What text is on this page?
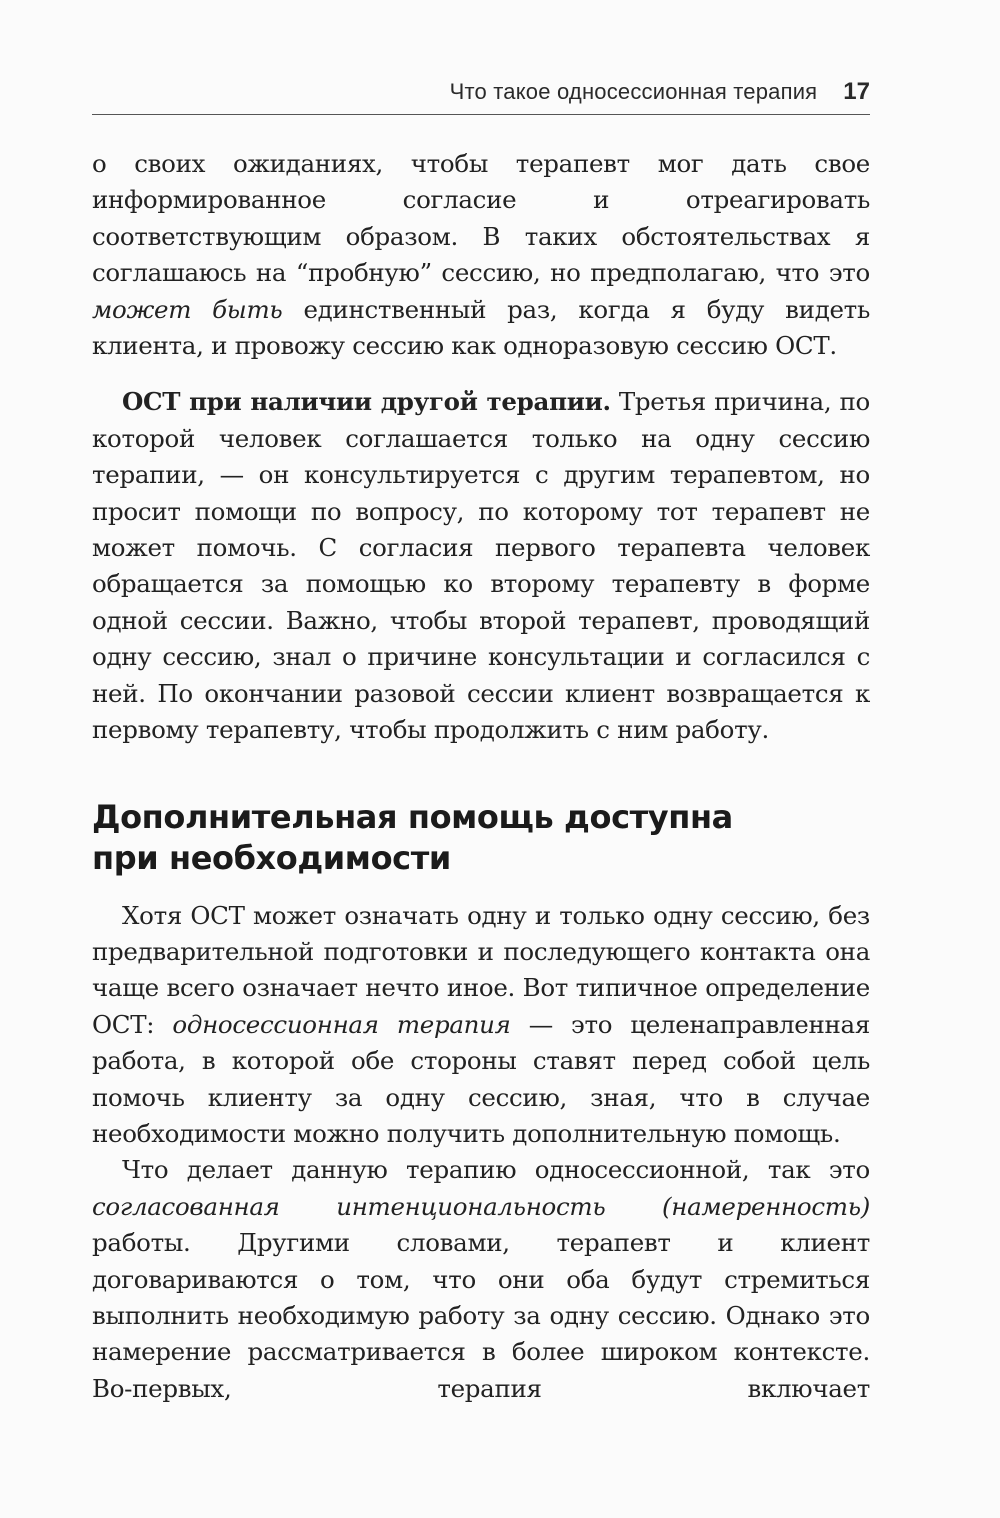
Что такое односессионная терапия 17

о своих ожиданиях, чтобы терапевт мог дать свое информированное согласие и отреагировать соответствующим образом. В таких обстоятельствах я соглашаюсь на “пробную” сессию, но предполагаю, что это может быть единственный раз, когда я буду видеть клиента, и провожу сессию как одноразовую сессию ОСТ.

ОСТ при наличии другой терапии. Третья причина, по которой человек соглашается только на одну сессию терапии, — он консультируется с другим терапевтом, но просит помощи по вопросу, по которому тот терапевт не может помочь. С согласия первого терапевта человек обращается за помощью ко второму терапевту в форме одной сессии. Важно, чтобы второй терапевт, проводящий одну сессию, знал о причине консультации и согласился с ней. По окончании разовой сессии клиент возвращается к первому терапевту, чтобы продолжить с ним работу.

Дополнительная помощь доступна
при необходимости

Хотя ОСТ может означать одну и только одну сессию, без предварительной подготовки и последующего контакта она чаще всего означает нечто иное. Вот типичное определение ОСТ: односессионная терапия — это целенаправленная работа, в которой обе стороны ставят перед собой цель помочь клиенту за одну сессию, зная, что в случае необходимости можно получить дополнительную помощь.

Что делает данную терапию односессионной, так это согласованная интенциональность (намеренность) работы. Другими словами, терапевт и клиент договариваются о том, что они оба будут стремиться выполнить необходимую работу за одну сессию. Однако это намерение рассматривается в более широком контексте. Во-первых, терапия включает
